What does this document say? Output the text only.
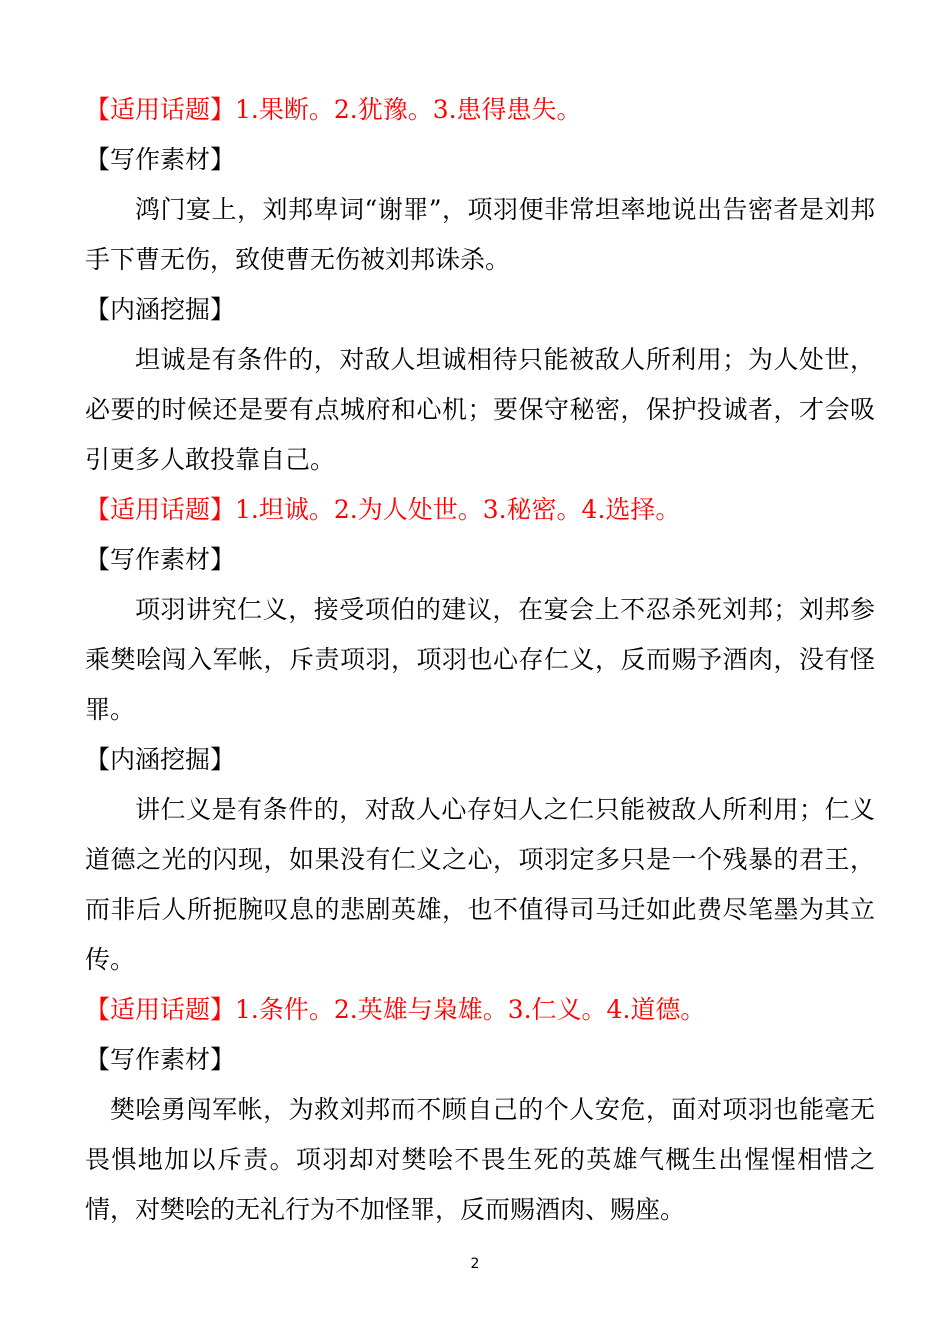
【适用话题】1.果断。2.犹豫。3.患得患失。
【写作素材】

鸿门宴上，刘邦卑词“谢罪”，项羽便非常坦率地说出告密者是刘邦手下曹无伤，致使曹无伤被刘邦诛杀。

【内涵挖掘】

坦诚是有条件的，对敌人坦诚相待只能被敌人所利用；为人处世，必要的时候还是要有点城府和心机；要保守秘密，保护投诚者，才会吸引更多人敢投靠自己。

【适用话题】1.坦诚。2.为人处世。3.秘密。4.选择。
【写作素材】

项羽讲究仁义，接受项伯的建议，在宴会上不忍杀死刘邦；刘邦参乘樊哙闯入军帐，斥责项羽，项羽也心存仁义，反而赐予酒肉，没有怪罪。

【内涵挖掘】

讲仁义是有条件的，对敌人心存妇人之仁只能被敌人所利用；仁义道德之光的闪现，如果没有仁义之心，项羽定多只是一个残暴的君王，而非后人所扼腕叹息的悲剧英雄，也不值得司马迁如此费尽笔墨为其立传。

【适用话题】1.条件。2.英雄与枭雄。3.仁义。4.道德。
【写作素材】

樊哙勇闯军帐，为救刘邦而不顾自己的个人安危，面对项羽也能毫无畏惧地加以斥责。项羽却对樊哙不畏生死的英雄气概生出惺惺相惜之情，对樊哙的无礼行为不加怪罪，反而赐酒肉、赐座。

2
